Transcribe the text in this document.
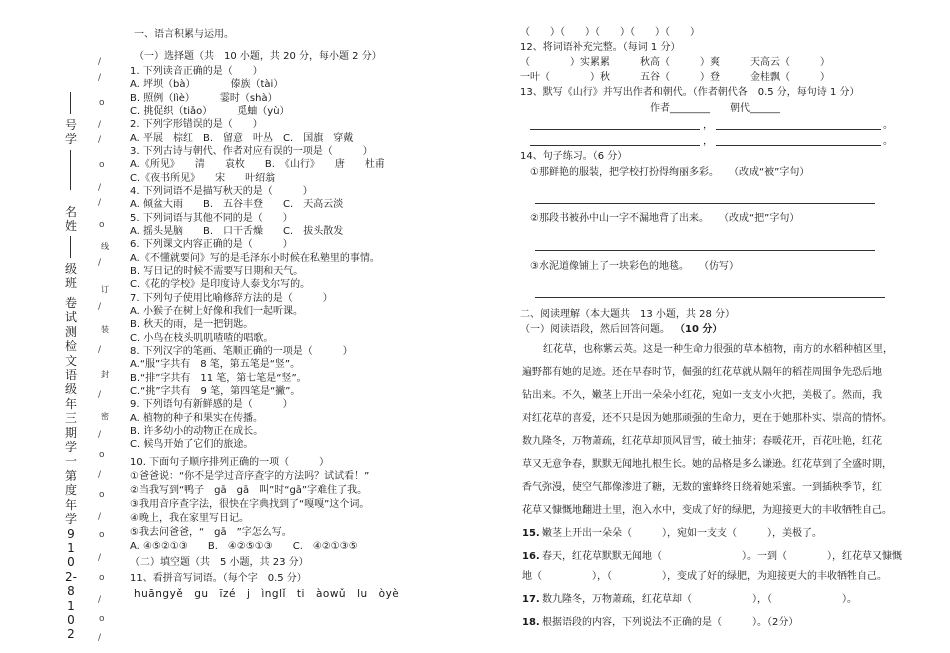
号学
名姓
级班
卷试测检文语级年三期学一第度年学9102-8102
线
订
装
封
密
/
/
o
/
/
o
/
/
o
/
/
/
/
/
o
/
o
/
o
/
o
/
o
/
一、语言积累与运用。
（一）选择题（共　10 小题，共 20 分，每小题 2 分）
1. 下列读音正确的是（　　）
A. 坪坝（bà）　　　　傣族（tài）
B. 照例（lìè）　　　霎时（shà）
C. 挑促织（tiǎo）　　　觅蚰（yù）
2. 下列字形错误的是（　　）
A. 平展　棕红　B.　留意　叶丛　C.　国旗　穿戴
3. 下列古诗与朝代、作者对应有误的一项是（　　　）
A.《所见》　　清　　袁枚　　B.　《山行》　　唐　　杜甫
C.《夜书所见》　　宋　　叶绍翁
4. 下列词语不是描写秋天的是（　　　）
A. 倾盆大雨　　B.　五谷丰登　　C.　天高云淡
5. 下列词语与其他不同的是（　　）
A. 摇头晃脑　　B.　口干舌燥　　C.　拔头散发
6. 下列课文内容正确的是（　　　）
A.《不懂就要问》写的是毛泽东小时候在私塾里的事情。
B. 写日记的时候不需要写日期和天气。
C.《花的学校》是印度诗人泰戈尔写的。
7. 下列句子使用比喻修辞方法的是（　　　）
A. 小猴子在树上好像和我们一起听课。
B. 秋天的雨，是一把钥匙。
C. 小鸟在枝头叽叽喳喳的唱歌。
8. 下列汉字的笔画、笔顺正确的一项是（　　　）
A.“服”字共有　8 笔，第五笔是“竖”。
B.“排”字共有　11 笔，第七笔是“竖”。
C.“挑”字共有　9 笔，第四笔是“撇”。
9. 下列语句有新鲜感的是（　　　）
A. 植物的种子和果实在传播。
B. 许多幼小的动物正在成长。
C. 候鸟开始了它们的旅途。
10. 下面句子顺序排列正确的一项（　　　）
①爸爸说：“你不是学过音序查字的方法吗？试试看！”
②当我写到“鸭子　gā　gā　叫”时“gā”字难住了我。
③我用音序查字法，很快在字典找到了“嘎嘎”这个词。
④晚上，我在家里写日记。
⑤我去问爸爸，“　gā　”字怎么写。
A. ④⑤②①③　　B.　④②⑤①③　　C.　④②①③⑤
（二）填空题（共　5 小题，共 23 分）
11、看拼音写词语。（每个字　0.5 分）
huāngyě　gu　īzé　j　ìnglǐ　ti　àowǔ　lu　òyè
（　　）（　　）（　　）（　　）（　　）
12、将词语补充完整。（每词 1 分）
（　　　　）实累累　　　秋高（　　　）爽　　　天高云（　　　）
一叶（　　　　）秋　　　五谷（　　　）登　　　金桂飘（　　　）
13、默写《山行》并写出作者和朝代。（作者朝代各　0.5 分，每句诗 1 分）
作者________　　朝代______
，	。
，	。
14、句子练习。（6 分）
①那鲜艳的服装，把学校打扮得绚丽多彩。　　（改成“被”字句）
②那段书被孙中山一字不漏地背了出来。　　（改成“把”字句）
③水泥道像铺上了一块彩色的地毯。　　（仿写）
二、阅读理解（本大题共　13 小题，共 28 分）
（一）阅读语段，然后回答问题。 （10 分）
红花草，也称紫云英。这是一种生命力很强的草本植物，南方的水稻种植区里，
遍野都有她的足迹。还在早春时节，倔强的红花草就从隔年的稻茬周围争先恐后地
钻出来。不久，嫩茎上开出一朵朵小红花，宛如一支支小火把，美极了。然而，我
对红花草的喜爱，还不只是因为她那顽强的生命力，更在于她那朴实、崇高的情怀。
数九隆冬，万物萧疏，红花草却顶风冒雪，破土抽芽；春暖花开，百花吐艳，红花
草又无意争春，默默无闻地扎根生长。她的品格是多么谦逊。红花草到了全盛时期，
香气弥漫，使空气都像渗进了糖，无数的蜜蜂终日绕着她采蜜。一到插秧季节，红
花草又慷慨地翻进土里，泡入水中，变成了好的绿肥，为迎接更大的丰收牺牲自己。
15. 嫩茎上开出一朵朵（　　　），宛如一支支（　　　），美极了。
16. 春天，红花草默默无闻地（　　　　　　　　）。一到（　　　　），红花草又慷慨
地（　　　　　），（　　　　　），变成了好的绿肥，为迎接更大的丰收牺牲自己。
17. 数九隆冬，万物萧疏，红花草却（　　　　　　），（　　　　　　　）。
18. 根据语段的内容，下列说法不正确的是（　　　）。（2分）
